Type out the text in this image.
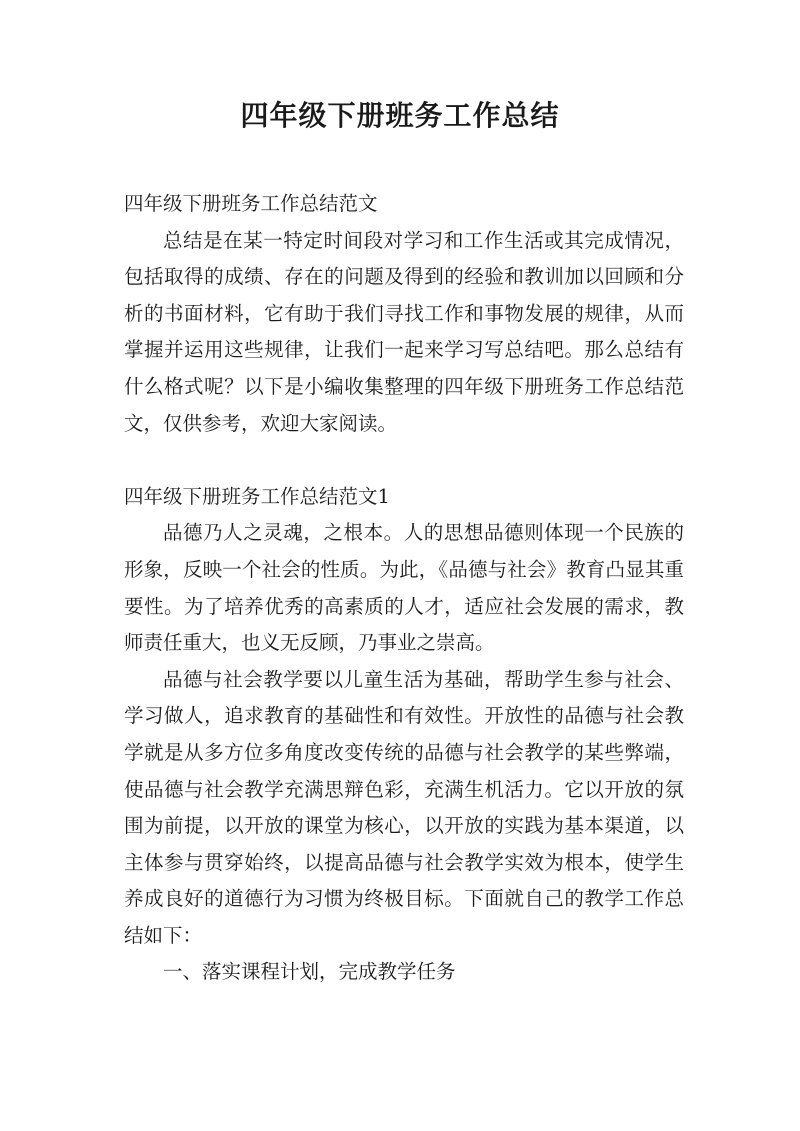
四年级下册班务工作总结

四年级下册班务工作总结范文

总结是在某一特定时间段对学习和工作生活或其完成情况，包括取得的成绩、存在的问题及得到的经验和教训加以回顾和分析的书面材料，它有助于我们寻找工作和事物发展的规律，从而掌握并运用这些规律，让我们一起来学习写总结吧。那么总结有什么格式呢？以下是小编收集整理的四年级下册班务工作总结范文，仅供参考，欢迎大家阅读。

四年级下册班务工作总结范文1

品德乃人之灵魂，之根本。人的思想品德则体现一个民族的形象，反映一个社会的性质。为此，《品德与社会》教育凸显其重要性。为了培养优秀的高素质的人才，适应社会发展的需求，教师责任重大，也义无反顾，乃事业之崇高。

品德与社会教学要以儿童生活为基础，帮助学生参与社会、学习做人，追求教育的基础性和有效性。开放性的品德与社会教学就是从多方位多角度改变传统的品德与社会教学的某些弊端，使品德与社会教学充满思辩色彩，充满生机活力。它以开放的氛围为前提，以开放的课堂为核心，以开放的实践为基本渠道，以主体参与贯穿始终，以提高品德与社会教学实效为根本，使学生养成良好的道德行为习惯为终极目标。下面就自己的教学工作总结如下：

一、落实课程计划，完成教学任务
